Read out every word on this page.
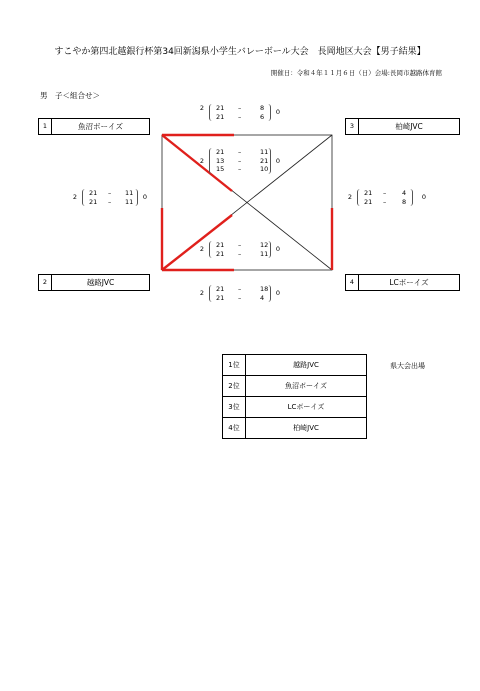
すこやか第四北越銀行杯第34回新潟県小学生バレーボール大会　長岡地区大会【男子結果】
開催日：令和４年１１月６日（日）会場:長岡市越路体育館
男　子＜組合せ＞
1	魚沼ボーイズ
2	越路JVC
3	柏崎JVC
4	LCボーイズ
2	21 –	8
21 –	6
0
2
21 –	11
13 –	21
15 –	10
0
2	21 – 11
21 – 11
0	2	21 – 4
21 – 8
0
2	21 –	12
21 –	11
0
2	21 –	18
21 –	4
0
1位	越路JVC
2位	魚沼ボーイズ
3位	LCボーイズ
4位	柏崎JVC
県大会出場
